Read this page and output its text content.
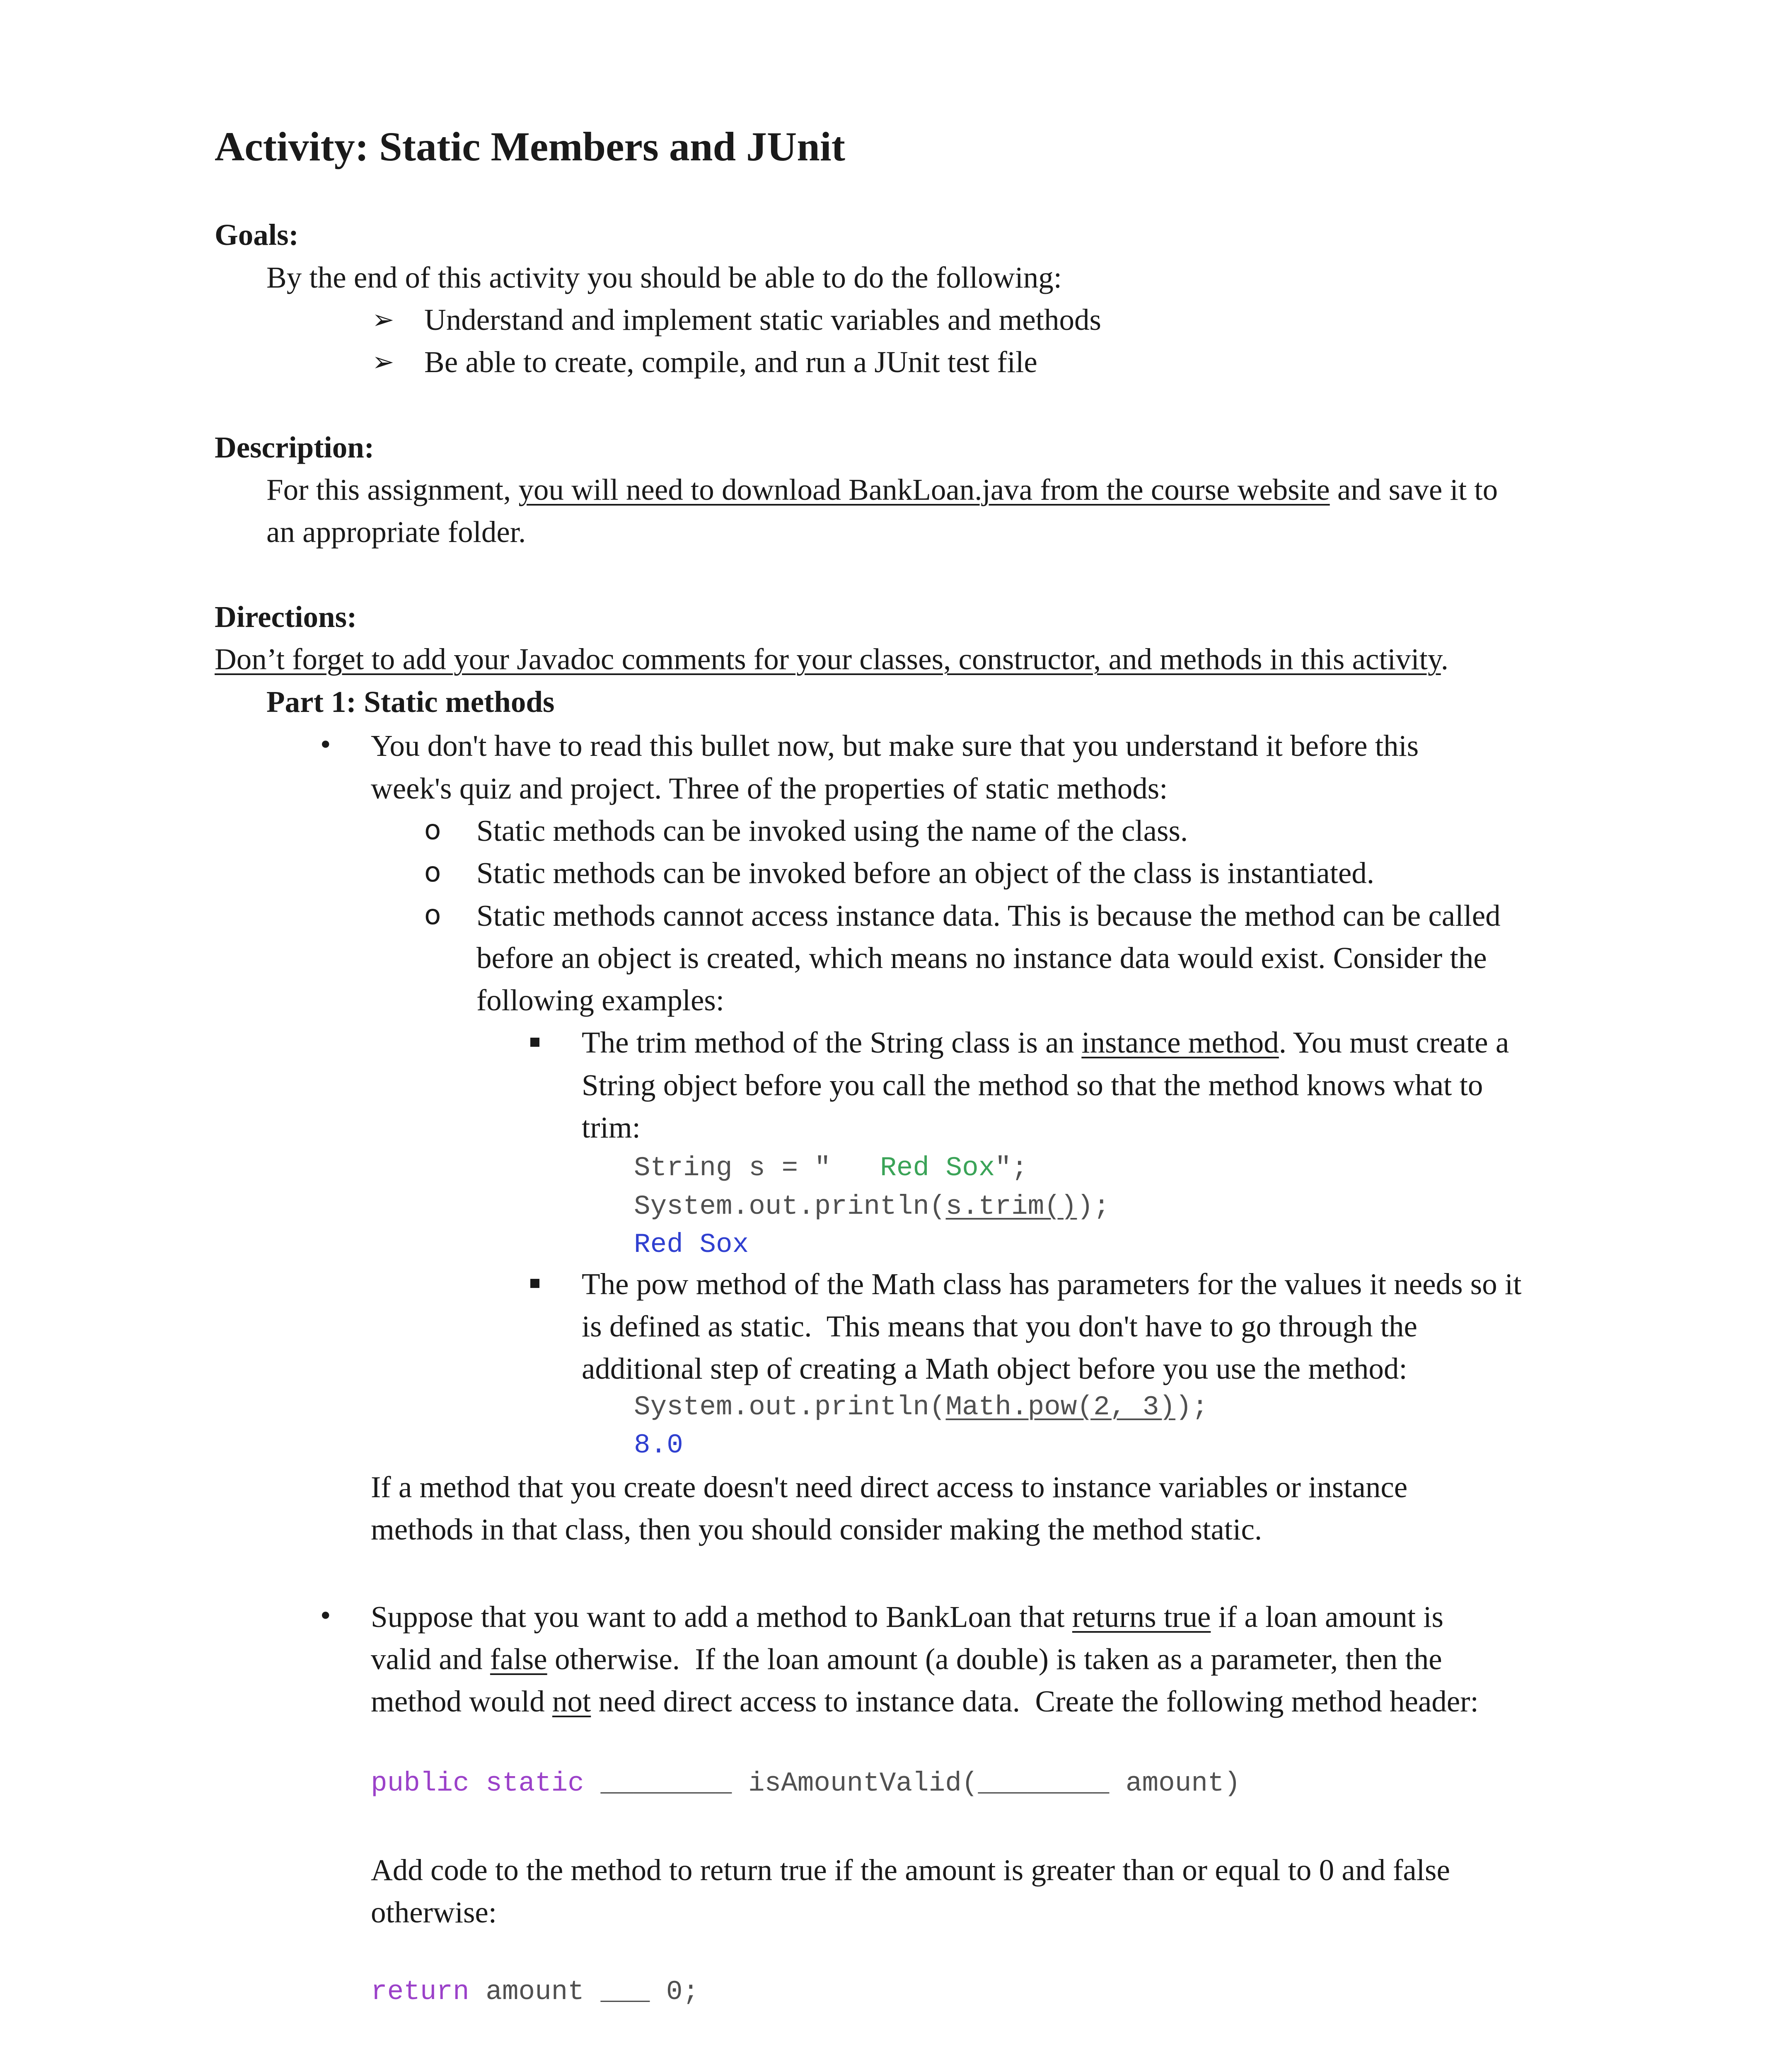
Activity: Static Members and JUnit
Goals:
By the end of this activity you should be able to do the following:
➢ Understand and implement static variables and methods
➢ Be able to create, compile, and run a JUnit test file
Description:
For this assignment, you will need to download BankLoan.java from the course website and save it to
an appropriate folder.
Directions:
Don’t forget to add your Javadoc comments for your classes, constructor, and methods in this activity.
Part 1: Static methods
• You don't have to read this bullet now, but make sure that you understand it before this
week's quiz and project. Three of the properties of static methods:
o Static methods can be invoked using the name of the class.
o Static methods can be invoked before an object of the class is instantiated.
o Static methods cannot access instance data. This is because the method can be called
before an object is created, which means no instance data would exist. Consider the
following examples:
The trim method of the String class is an instance method. You must create a
String object before you call the method so that the method knows what to
trim:
String s = "   Red Sox";
System.out.println(s.trim());
Red Sox
The pow method of the Math class has parameters for the values it needs so it
is defined as static.  This means that you don't have to go through the
additional step of creating a Math object before you use the method:
System.out.println(Math.pow(2, 3));
8.0
If a method that you create doesn't need direct access to instance variables or instance
methods in that class, then you should consider making the method static.
• Suppose that you want to add a method to BankLoan that returns true if a loan amount is
valid and false otherwise.  If the loan amount (a double) is taken as a parameter, then the
method would not need direct access to instance data.  Create the following method header:
public static ________ isAmountValid(________ amount)
Add code to the method to return true if the amount is greater than or equal to 0 and false
otherwise:
return amount ___ 0;
